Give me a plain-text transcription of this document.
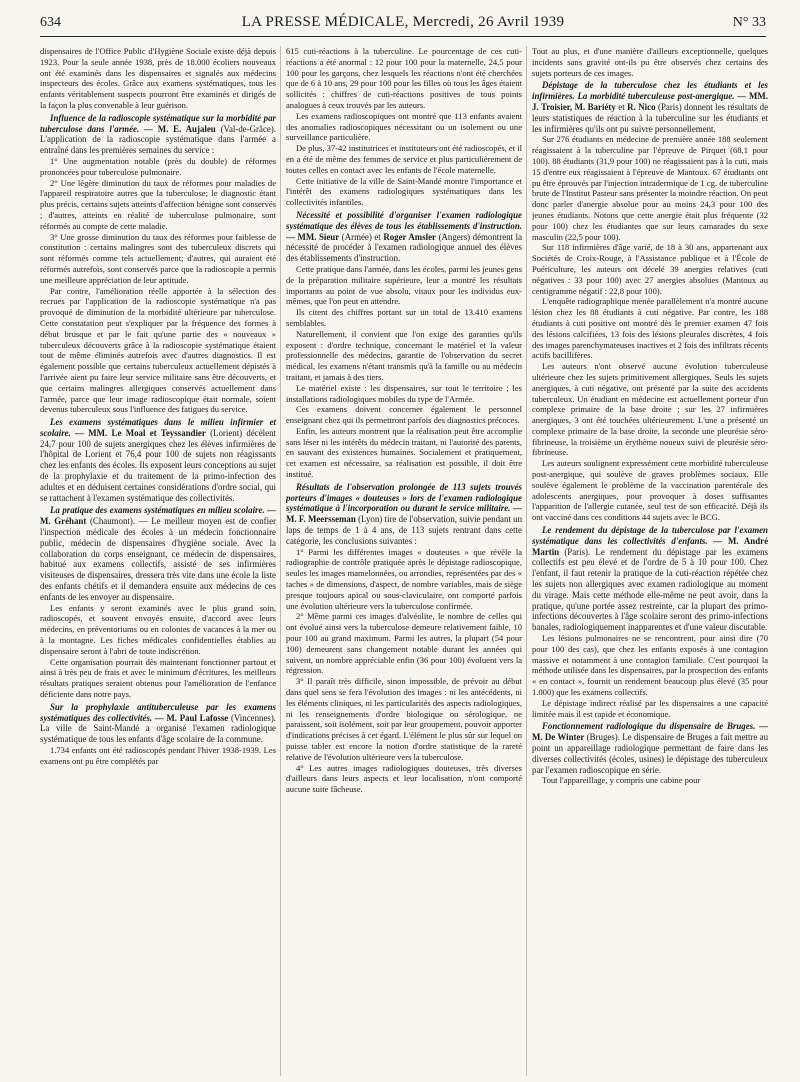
634	LA PRESSE MÉDICALE, Mercredi, 26 Avril 1939	N° 33

dispensaires de l'Office Public d'Hygiène Sociale existe déjà depuis 1923. Pour la seule année 1938, près de 18.000 écoliers nouveaux ont été examinés dans les dispensaires et signalés aux médecins inspecteurs des écoles. Grâce aux examens systématiques, tous les enfants véritablement suspects pourront être examinés et dirigés de la façon la plus convenable à leur guérison.

Influence de la radioscopie systématique sur la morbidité par tuberculose dans l'armée. — M. E. Aujaleu (Val-de-Grâce). L'application de la radioscopie systématique dans l'armée a entraîné dans les premières semaines du service :

1° Une augmentation notable (près du double) de réformes prononcées pour tuberculose pulmonaire.

2° Une légère diminution du taux de réformes pour maladies de l'appareil respiratoire autres que la tuberculose; le diagnostic étant plus précis, certains sujets atteints d'affection bénigne sont conservés ; d'autres, atteints en réalité de tuberculose pulmonaire, sont réformés au compte de cette maladie.

3° Une grosse diminution du taux des réformes pour faiblesse de constitution : certains malingres sont des tuberculeux discrets qui sont réformés comme tels actuellement; d'autres, qui auraient été réformés autrefois, sont conservés parce que la radioscopie a permis une meilleure appréciation de leur aptitude.

Par contre, l'amélioration réelle apportée à la sélection des recrues par l'application de la radioscopie systématique n'a pas provoqué de diminution de la morbidité ultérieure par tuberculose. Cette constatation peut s'expliquer par la fréquence des formes à début brusque et par le fait qu'une partie des « nouveaux » tuberculeux découverts grâce à la radioscopie systématique étaient tout de même éliminés autrefois avec d'autres diagnostics. Il est également possible que certains tuberculeux actuellement dépistés à l'arrivée aient pu faire leur service militaire sans être découverts, et que certains malingres allergiques conservés actuellement dans l'armée, parce que leur image radioscopique était normale, soient devenus tuberculeux sous l'influence des fatigues du service.

Les examens systématiques dans le milieu infirmier et scolaire. — MM. Le Moal et Teyssandier (Lorient) décèlent 24,7 pour 100 de sujets anergiques chez les élèves infirmières de l'hôpital de Lorient et 76,4 pour 100 de sujets non réagissants chez les enfants des écoles. Ils exposent leurs conceptions au sujet de la prophylaxie et du traitement de la primo-infection des adultes et en déduisent certaines considérations d'ordre social, qui se rattachent à l'examen systématique des collectivités.
La pratique des examens systématiques en milieu scolaire. — M. Gréhant (Chaumont). — Le meilleur moyen est de confier l'inspection médicale des écoles à un médecin fonctionnaire public, médecin de dispensaires d'hygiène sociale. Avec la collaboration du corps enseignant, ce médecin de dispensaires, habitué aux examens collectifs, assisté de ses infirmières visiteuses de dispensaires, dressera très vite dans une école la liste des enfants chétifs et il demandera ensuite aux médecins de ces enfants de les envoyer au dispensaire.

Les enfants y seront examinés avec le plus grand soin, radioscopés, et souvent envoyés ensuite, d'accord avec leurs médecins, en préventoriums ou en colonies de vacances à la mer ou à la montagne. Les fiches médicales confidentielles établies au dispensaire seront à l'abri de toute indiscrétion.

Cette organisation pourrait dès maintenant fonctionner partout et ainsi à très peu de frais et avec le minimum d'écritures, les meilleurs résultats pratiques seraient obtenus pour l'amélioration de l'enfance déficiente dans notre pays.

Sur la prophylaxie antituberculeuse par les examens systématiques des collectivités. — M. Paul Lafosse (Vincennes). La ville de Saint-Mandé a organisé l'examen radiologique systématique de tous les enfants d'âge scolaire de la commune.

1.734 enfants ont été radioscopés pendant l'hiver 1938-1939. Les examens ont pu être complétés par

615 cuti-réactions à la tuberculine. Le pourcentage de ces cuti-réactions a été anormal : 12 pour 100 pour la maternelle, 24,5 pour 100 pour les garçons, chez lesquels les réactions n'ont été cherchées que de 6 à 10 ans, 29 pour 100 pour les filles où tous les âges étaient sollicités : chiffres de cuti-réactions positives de tous points analogues à ceux trouvés par les auteurs.

Les examens radioscopiques ont montré que 113 enfants avaient des anomalies radioscopiques nécessitant ou un isolement ou une surveillance particulière.

De plus, 37-42 institutrices et instituteurs ont été radioscopés, et il en a été de même des femmes de service et plus particulièrement de toutes celles en contact avec les enfants de l'école maternelle.

Cette initiative de la ville de Saint-Mandé montre l'importance et l'intérêt des examens radiologiques systématiques dans les collectivités infantiles.

Nécessité et possibilité d'organiser l'examen radiologique systématique des élèves de tous les établissements d'instruction. — MM. Sieur (Armée) et Roger Amsler (Angers) démontrent la nécessité de procéder à l'examen radiologique annuel des élèves des établissements d'instruction.

Cette pratique dans l'armée, dans les écoles, parmi les jeunes gens de la préparation militaire supérieure, leur a montré les résultats importants au point de vue absolu, vitaux pour les individus eux-mêmes, que l'on peut en attendre.

Ils citent des chiffres portant sur un total de 13.410 examens semblables.

Naturellement, il convient que l'on exige des garanties qu'ils exposent : d'ordre technique, concernant le matériel et la valeur professionnelle des médecins, garantie de l'observation du secret médical, les examens n'étant transmis qu'à la famille ou au médecin traitant, et jamais à des tiers.

Le matériel existe : les dispensaires, sur tout le territoire ; les installations radiologiques mobiles du type de l'Armée.

Ces examens doivent concerner également le personnel enseignant chez qui ils permettront parfois des diagnostics précoces.

Enfin, les auteurs montrent que la réalisation peut être accomplie sans léser ni les intérêts du médecin traitant, ni l'autorité des parents, en sauvant des existences humaines. Socialement et pratiquement, cet examen est nécessaire, sa réalisation est possible, il doit être institué.

Résultats de l'observation prolongée de 113 sujets trouvés porteurs d'images « douteuses » lors de l'examen radiologique systématique à l'incorporation ou durant le service militaire. — M. F. Meersseman (Lyon) tire de l'observation, suivie pendant un laps de temps de 1 à 4 ans, de 113 sujets rentrant dans cette catégorie, les conclusions suivantes :

1° Parmi les différentes images « douteuses » que révèle la radiographie de contrôle pratiquée après le dépistage radioscopique, seules les images mamelonnées, ou arrondies, représentées par des « taches » de dimensions, d'aspect, de nombre variables, mais de siège presque toujours apical ou sous-claviculaire, ont comporté parfois une évolution ultérieure vers la tuberculose confirmée.

2° Même parmi ces images d'alvéolite, le nombre de celles qui ont évolué ainsi vers la tuberculose demeure relativement faible, 10 pour 100 au grand maximum. Parmi les autres, la plupart (54 pour 100) demeurent sans changement notable durant les années qui suivent, un nombre appréciable enfin (36 pour 100) évoluent vers la régression.

3° Il paraît très difficile, sinon impossible, de prévoir au début dans quel sens se fera l'évolution des images : ni les antécédents, ni les éléments cliniques, ni les particularités des aspects radiologiques, ni les renseignements d'ordre biologique ou sérologique, ne paraissent, soit isolément, soit par leur groupement, pouvoir apporter d'indications précises à cet égard. L'élément le plus sûr sur lequel on puisse tabler est encore la notion d'ordre statistique de la rareté relative de l'évolution ultérieure vers la tuberculose.

4° Les autres images radiologiques douteuses, très diverses d'ailleurs dans leurs aspects et leur localisation, n'ont comporté aucune suite fâcheuse.

Tout au plus, et d'une manière d'ailleurs exceptionnelle, quelques incidents sans gravité ont-ils pu être observés chez certains des sujets porteurs de ces images.

Dépistage de la tuberculose chez les étudiants et les infirmières. La morbidité tuberculeuse post-anergique. — MM. J. Troisier, M. Bariéty et R. Nico (Paris) donnent les résultats de leurs statistiques de réaction à la tuberculine sur les étudiants et les infirmières qu'ils ont pu suivre personnellement.

Sur 276 étudiants en médecine de première année 188 seulement réagissaient à la tuberculine par l'épreuve de Pirquet (68,1 pour 100). 88 étudiants (31,9 pour 100) ne réagissaient pas à la cuti, mais 15 d'entre eux réagissaient à l'épreuve de Mantoux. 67 étudiants ont pu être éprouvés par l'injection intradermique de 1 cg. de tuberculine brute de l'Institut Pasteur sans présenter la moindre réaction. On peut donc parler d'anergie absolue pour au moins 24,3 pour 100 des jeunes étudiants. Notons que cette anergie était plus fréquente (32 pour 100) chez les étudiantes que sur leurs camarades du sexe masculin (22,5 pour 100).

Sur 118 infirmières d'âge varié, de 18 à 30 ans, appartenant aux Sociétés de Croix-Rouge, à l'Assistance publique et à l'École de Puériculture, les auteurs ont décelé 39 anergies relatives (cuti négatives : 33 pour 100) avec 27 anergies absolues (Mantoux au centigramme négatif : 22,8 pour 100).

L'enquête radiographique menée parallèlement n'a montré aucune lésion chez les 88 étudiants à cuti négative. Par contre, les 188 étudiants à cuti positive ont montré dès le premier examen 47 fois des lésions calcifiées, 13 fois des lésions pleurales discrètes, 4 fois des images parenchymateuses inactives et 2 fois des infiltrats récents actifs bacillifères.

Les auteurs n'ont observé aucune évolution tuberculeuse ultérieure chez les sujets primitivement allergiques. Seuls les sujets anergiques, à cuti négative, ont présenté par la suite des accidents tuberculeux. Un étudiant en médecine est actuellement porteur d'un complexe primaire de la base droite ; sur les 27 infirmières anergiques, 3 ont été touchées ultérieurement. L'une a présenté un complexe primaire de la base droite, la seconde une pleurésie séro-fibrineuse, la troisième un érythème noueux suivi de pleurésie séro-fibrineuse.

Les auteurs soulignent expressément cette morbidité tuberculeuse post-anergique, qui soulève de graves problèmes sociaux. Elle soulève également le problème de la vaccination parentérale des adolescents anergiques, pour provoquer à doses suffisantes l'apparition de l'allergie cutanée, seul test de son efficacité. Déjà ils ont vacciné dans ces conditions 44 sujets avec le BCG.

Le rendement du dépistage de la tuberculose par l'examen systématique dans les collectivités d'enfants. — M. André Martin (Paris). Le rendement du dépistage par les examens collectifs est peu élevé et de l'ordre de 5 à 10 pour 100. Chez l'enfant, il faut retenir la pratique de la cuti-réaction répétée chez les sujets non allergiques avec examen radiologique au moment du virage. Mais cette méthode elle-même ne peut avoir, dans la pratique, qu'une portée assez restreinte, car la plupart des primo-infections découvertes à l'âge scolaire seront des primo-infections banales, radiologiquement inapparentes et d'une valeur discutable.

Les lésions pulmonaires ne se rencontrent, pour ainsi dire (70 pour 100 des cas), que chez les enfants exposés à une contagion massive et notamment à une contagion familiale. C'est pourquoi la méthode utilisée dans les dispensaires, par la prospection des enfants « en contact », fournit un rendement beaucoup plus élevé (35 pour 1.000) que les examens collectifs.

Le dépistage indirect réalisé par les dispensaires a une capacité limitée mais il est rapide et économique.

Fonctionnement radiologique du dispensaire de Bruges. — M. De Winter (Bruges). Le dispensaire de Bruges a fait mettre au point un appareillage radiologique permettant de faire dans les diverses collectivités (écoles, usines) le dépistage des tuberculeux par l'examen radioscopique en série.

Tout l'appareillage, y compris une cabine pour
